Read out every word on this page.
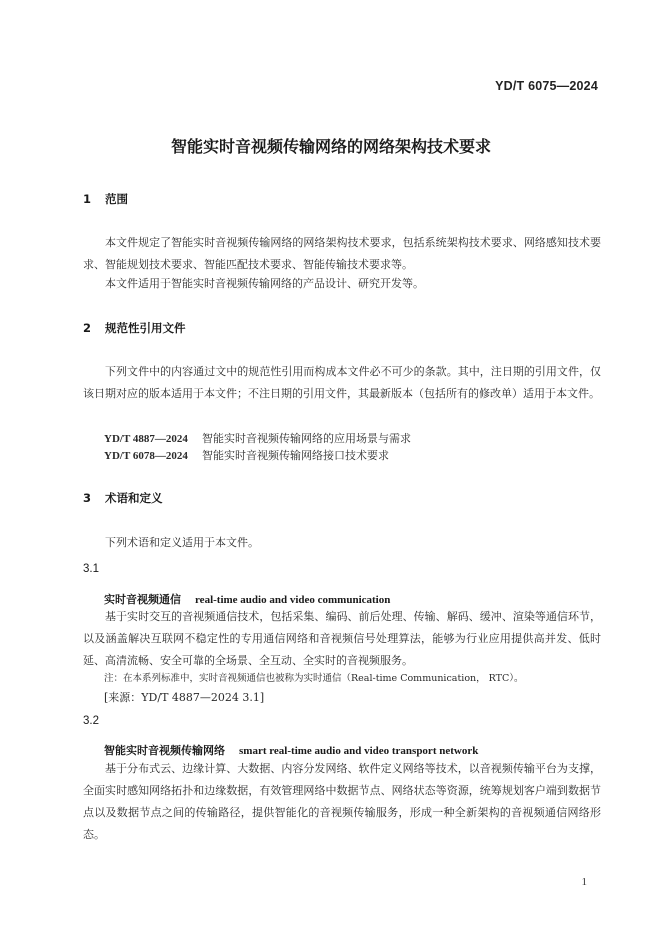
YD/T 6075—2024
智能实时音视频传输网络的网络架构技术要求
1 范围
本文件规定了智能实时音视频传输网络的网络架构技术要求，包括系统架构技术要求、网络感知技术要求、智能规划技术要求、智能匹配技术要求、智能传输技术要求等。
本文件适用于智能实时音视频传输网络的产品设计、研究开发等。
2 规范性引用文件
下列文件中的内容通过文中的规范性引用而构成本文件必不可少的条款。其中，注日期的引用文件，仅该日期对应的版本适用于本文件；不注日期的引用文件，其最新版本（包括所有的修改单）适用于本文件。
YD/T 4887—2024 智能实时音视频传输网络的应用场景与需求
YD/T 6078—2024 智能实时音视频传输网络接口技术要求
3 术语和定义
下列术语和定义适用于本文件。
3.1
实时音视频通信 real-time audio and video communication
基于实时交互的音视频通信技术，包括采集、编码、前后处理、传输、解码、缓冲、渲染等通信环节，以及涵盖解决互联网不稳定性的专用通信网络和音视频信号处理算法，能够为行业应用提供高并发、低时延、高清流畅、安全可靠的全场景、全互动、全实时的音视频服务。
注：在本系列标准中，实时音视频通信也被称为实时通信（Real-time Communication， RTC）。
[来源：YD/T 4887—2024 3.1]
3.2
智能实时音视频传输网络 smart real-time audio and video transport network
基于分布式云、边缘计算、大数据、内容分发网络、软件定义网络等技术，以音视频传输平台为支撑，全面实时感知网络拓扑和边缘数据，有效管理网络中数据节点、网络状态等资源，统筹规划客户端到数据节点以及数据节点之间的传输路径，提供智能化的音视频传输服务，形成一种全新架构的音视频通信网络形态。
1
